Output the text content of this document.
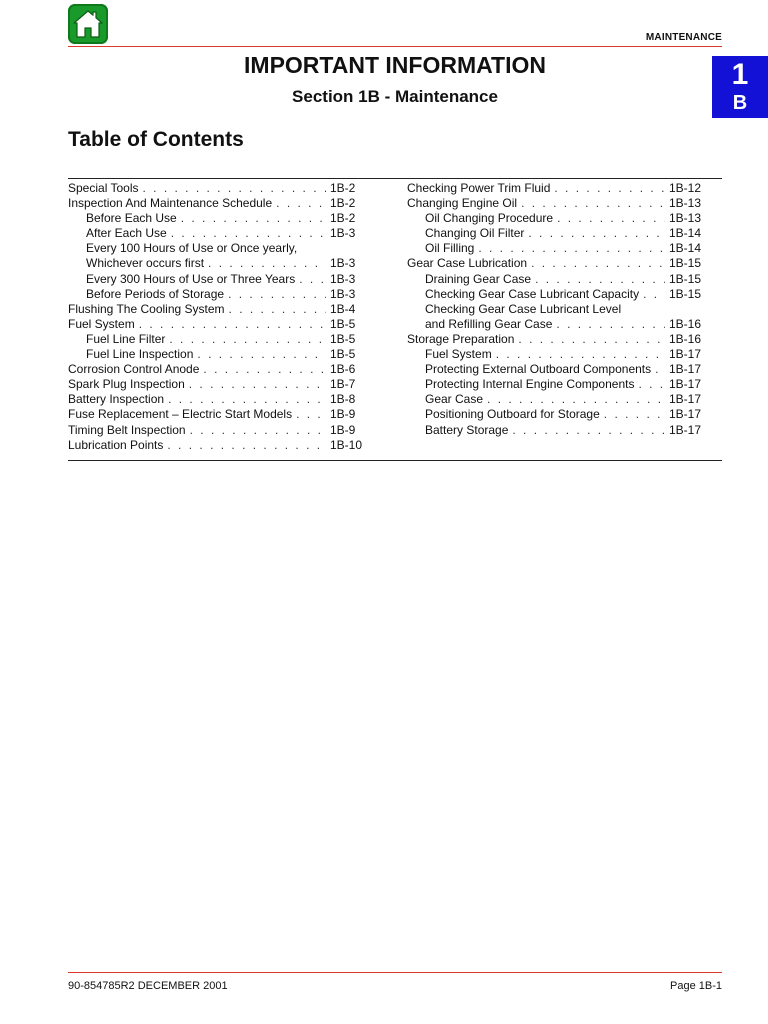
MAINTENANCE
1
B
IMPORTANT INFORMATION
Section 1B - Maintenance
Table of Contents
Special Tools . . .	1B-2
Inspection And Maintenance Schedule . . .	1B-2
Before Each Use . . .	1B-2
After Each Use . . .	1B-3
Every 100 Hours of Use or Once yearly,
Whichever occurs first . . .	1B-3
Every 300 Hours of Use or Three Years . . .	1B-3
Before Periods of Storage . . .	1B-3
Flushing The Cooling System . . .	1B-4
Fuel System . . .	1B-5
Fuel Line Filter . . .	1B-5
Fuel Line Inspection . . .	1B-5
Corrosion Control Anode . . .	1B-6
Spark Plug Inspection . . .	1B-7
Battery Inspection . . .	1B-8
Fuse Replacement – Electric Start Models . . .	1B-9
Timing Belt Inspection . . .	1B-9
Lubrication Points . . .	1B-10
Checking Power Trim Fluid . . .	1B-12
Changing Engine Oil . . .	1B-13
Oil Changing Procedure . . .	1B-13
Changing Oil Filter . . .	1B-14
Oil Filling . . .	1B-14
Gear Case Lubrication . . .	1B-15
Draining Gear Case . . .	1B-15
Checking Gear Case Lubricant Capacity . . . 1B-15
Checking Gear Case Lubricant Level
and Refilling Gear Case . . .	1B-16
Storage Preparation . . .	1B-16
Fuel System . . .	1B-17
Protecting External Outboard Components . . . 1B-17
Protecting Internal Engine Components . . .	1B-17
Gear Case . . .	1B-17
Positioning Outboard for Storage . . .	1B-17
Battery Storage . . .	1B-17
90-854785R2 DECEMBER 2001	Page 1B-1
